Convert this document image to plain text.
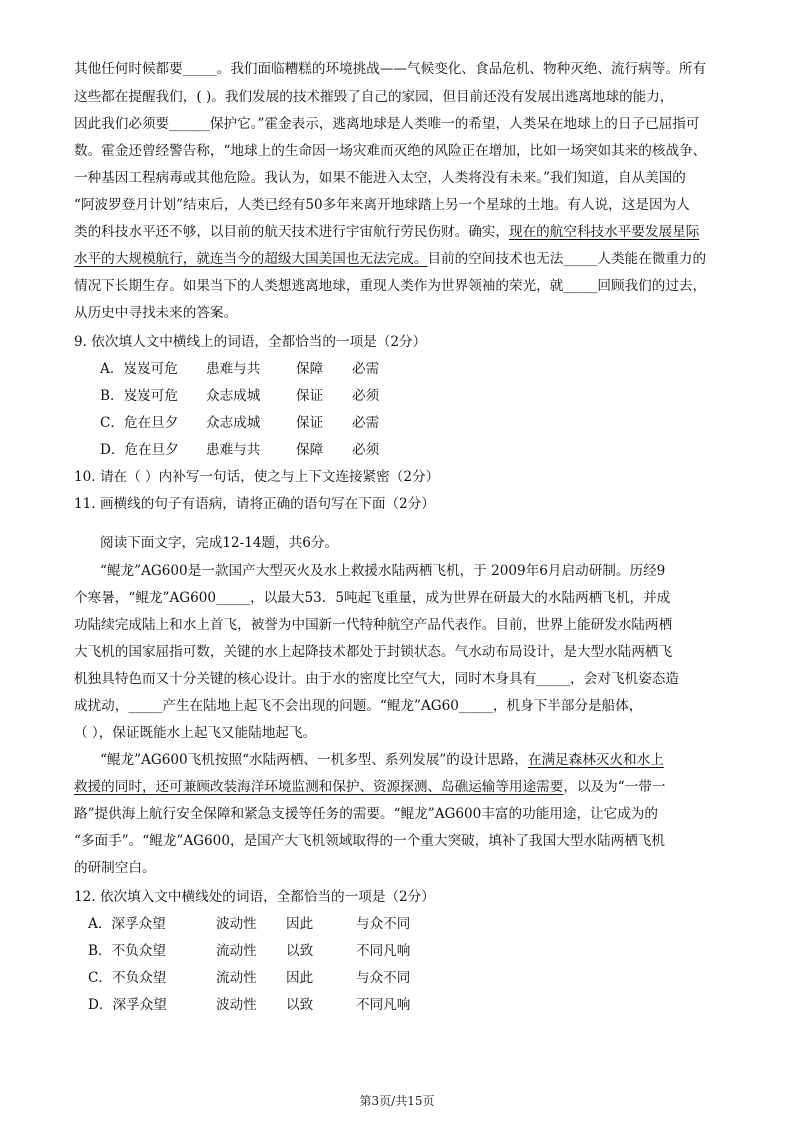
其他任何时候都要_____。我们面临糟糕的环境挑战——气候变化、食品危机、物种灭绝、流行病等。所有
这些都在提醒我们，( )。我们发展的技术摧毁了自己的家园，但目前还没有发展出逃离地球的能力，
因此我们必须要______保护它。”霍金表示，逃离地球是人类唯一的希望，人类呆在地球上的日子已屈指可
数。霍金还曾经警告称，“地球上的生命因一场灾难而灭绝的风险正在增加，比如一场突如其来的核战争、
一种基因工程病毒或其他危险。我认为，如果不能进入太空，人类将没有未来。”我们知道，自从美国的
“阿波罗登月计划”结束后，人类已经有50多年来离开地球踏上另一个星球的土地。有人说，这是因为人
类的科技水平还不够，以目前的航天技术进行宇宙航行劳民伤财。确实，现在的航空科技水平要发展星际
水平的大规模航行，就连当今的超级大国美国也无法完成。目前的空间技术也无法_____人类能在微重力的
情况下长期生存。如果当下的人类想逃离地球，重现人类作为世界领袖的荣光，就_____回顾我们的过去，
从历史中寻找未来的答案。
9. 依次填人文中横线上的词语，全都恰当的一项是（2分）
A．岌岌可危 患难与共	保障 必需
B．岌岌可危 众志成城	保证 必须
C．危在旦夕 众志成城	保证 必需
D．危在旦夕 患难与共	保障 必须
10. 请在（ ）内补写一句话，使之与上下文连接紧密（2分）
11. 画横线的句子有语病，请将正确的语句写在下面（2分）
阅读下面文字，完成12-14题，共6分。
“鲲龙”AG600是一款国产大型灭火及水上救援水陆两栖飞机，于 2009年6月启动研制。历经9
个寒暑，“鲲龙”AG600_____，以最大53．5吨起飞重量，成为世界在研最大的水陆两栖飞机，并成
功陆续完成陆上和水上首飞，被誉为中国新一代特种航空产品代表作。目前，世界上能研发水陆两栖
大飞机的国家屈指可数，关键的水上起降技术都处于封锁状态。气水动布局设计，是大型水陆两栖飞
机独具特色而又十分关键的核心设计。由于水的密度比空气大，同时木身具有_____，会对飞机姿态造
成扰动，_____产生在陆地上起飞不会出现的问题。“鲲龙”AG60_____，机身下半部分是船体，
（ ），保证既能水上起飞又能陆地起飞。
“鲲龙”AG600飞机按照“水陆两栖、一机多型、系列发展”的设计思路，在满足森林灭火和水上
救援的同时，还可兼顾改装海洋环境监测和保护、资源探测、岛礁运输等用途需要，以及为“一带一
路”提供海上航行安全保障和紧急支援等任务的需要。“鲲龙”AG600丰富的功能用途，让它成为的
“多面手”。“鲲龙”AG600，是国产大飞机领域取得的一个重大突破，填补了我国大型水陆两栖飞机
的研制空白。
12. 依次填入文中横线处的词语，全都恰当的一项是（2分）
A．深孚众望	波动性 因此	与众不同
B．不负众望	流动性 以致	不同凡响
C．不负众望	流动性 因此	与众不同
D．深孚众望	波动性 以致	不同凡响
第3页/共15页
